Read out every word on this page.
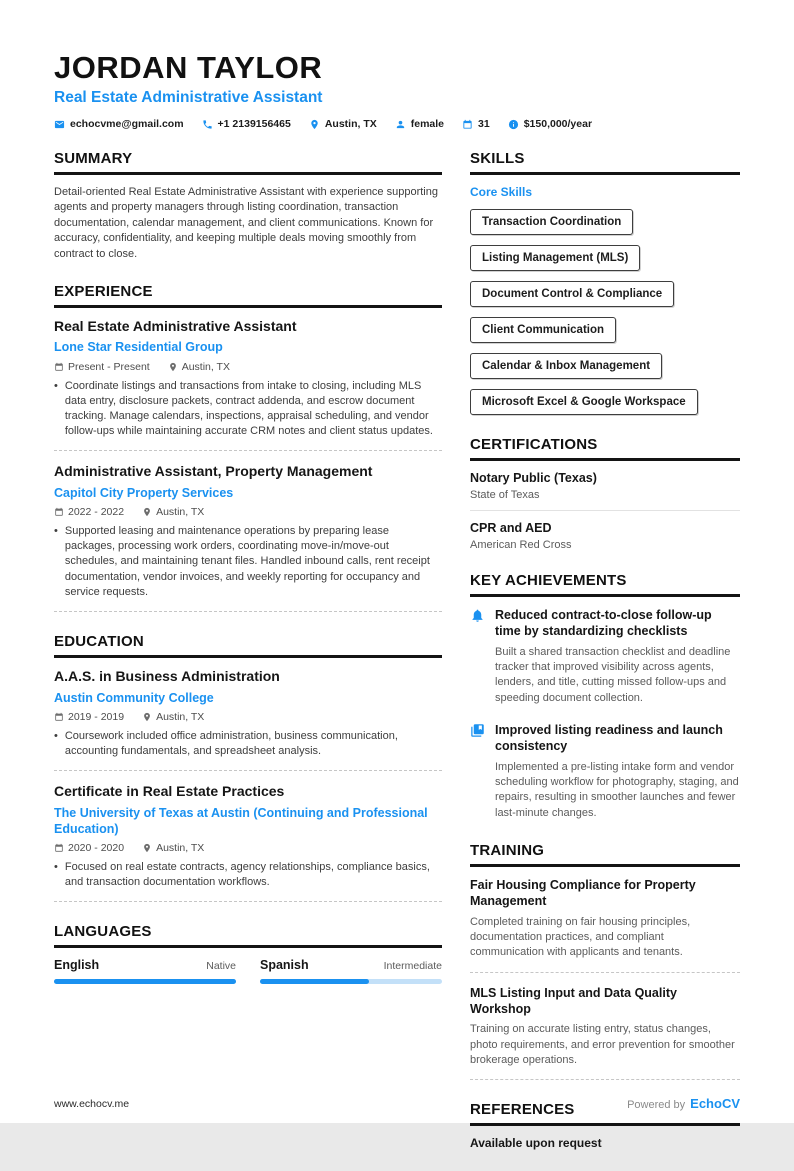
JORDAN TAYLOR
Real Estate Administrative Assistant
echocvme@gmail.com	+1 2139156465	Austin, TX	female	31	$150,000/year
SUMMARY

Detail-oriented Real Estate Administrative Assistant with experience supporting agents and property managers through listing coordination, transaction documentation, calendar management, and client communications. Known for accuracy, confidentiality, and keeping multiple deals moving smoothly from contract to close.

EXPERIENCE
Real Estate Administrative Assistant
Lone Star Residential Group
Present - Present	Austin, TX
• Coordinate listings and transactions from intake to closing, including MLS data entry, disclosure packets, contract addenda, and escrow document tracking. Manage calendars, inspections, appraisal scheduling, and vendor follow-ups while maintaining accurate CRM notes and client status updates.
Administrative Assistant, Property Management
Capitol City Property Services
2022 - 2022	Austin, TX
• Supported leasing and maintenance operations by preparing lease packages, processing work orders, coordinating move-in/move-out schedules, and maintaining tenant files. Handled inbound calls, rent receipt documentation, vendor invoices, and weekly reporting for occupancy and service requests.
EDUCATION
A.A.S. in Business Administration
Austin Community College
2019 - 2019	Austin, TX
• Coursework included office administration, business communication, accounting fundamentals, and spreadsheet analysis.
Certificate in Real Estate Practices
The University of Texas at Austin (Continuing and Professional Education)
2020 - 2020	Austin, TX
• Focused on real estate contracts, agency relationships, compliance basics, and transaction documentation workflows.
LANGUAGES
English	Native Spanish	Intermediate
SKILLS
Core Skills
Transaction Coordination
Listing Management (MLS)
Document Control & Compliance
Client Communication
Calendar & Inbox Management
Microsoft Excel & Google Workspace
CERTIFICATIONS
Notary Public (Texas)
State of Texas
CPR and AED
American Red Cross
KEY ACHIEVEMENTS
Reduced contract-to-close follow-up time by standardizing checklists
Built a shared transaction checklist and deadline tracker that improved visibility across agents, lenders, and title, cutting missed follow-ups and speeding document collection.
Improved listing readiness and launch consistency
Implemented a pre-listing intake form and vendor scheduling workflow for photography, staging, and repairs, resulting in smoother launches and fewer last-minute changes.
TRAINING
Fair Housing Compliance for Property Management
Completed training on fair housing principles, documentation practices, and compliant communication with applicants and tenants.
MLS Listing Input and Data Quality Workshop
Training on accurate listing entry, status changes, photo requirements, and error prevention for smoother brokerage operations.
REFERENCES
Available upon request
www.echocv.me	Powered by EchoCV
